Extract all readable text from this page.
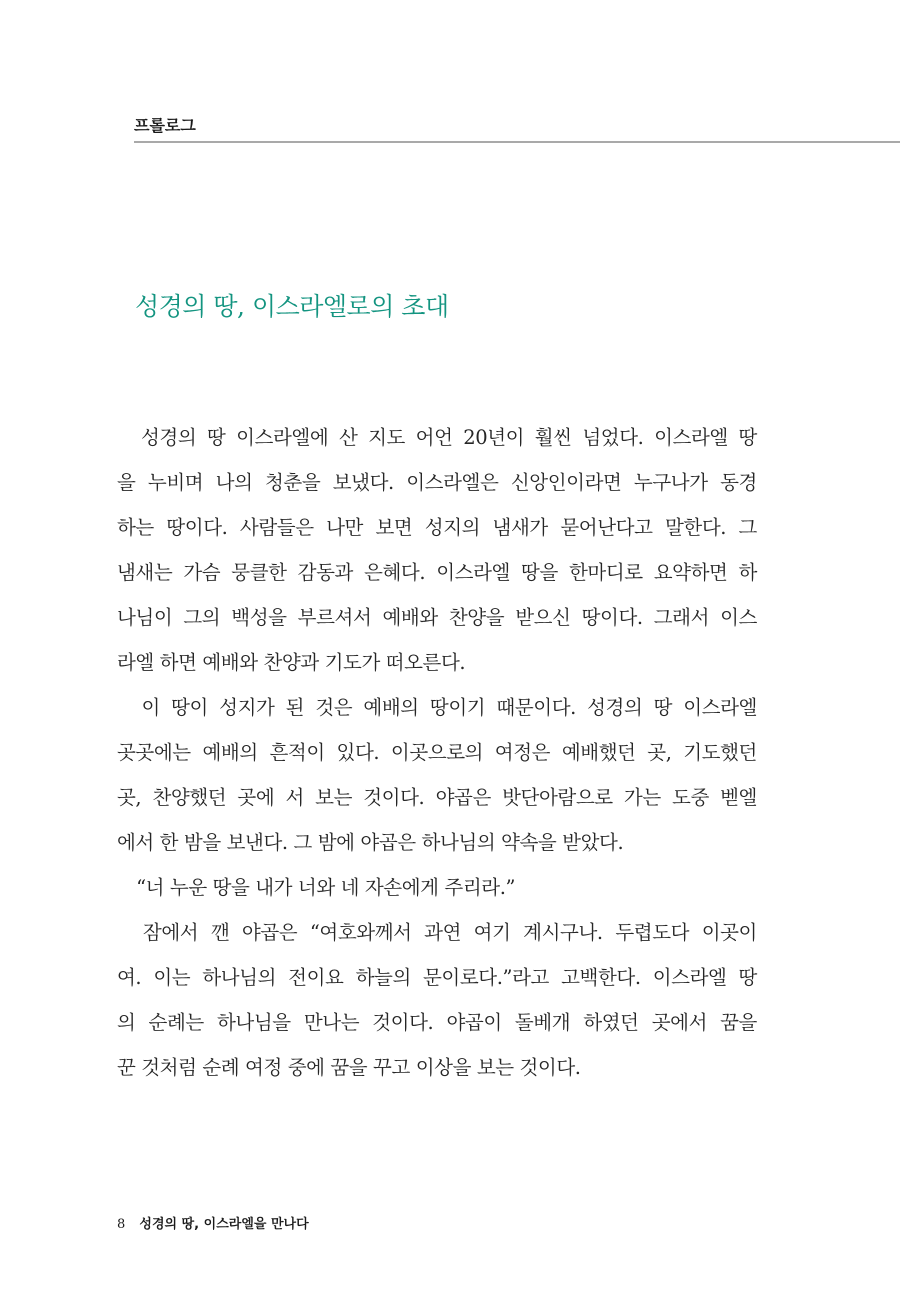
프롤로그
성경의 땅, 이스라엘로의 초대
　성경의 땅 이스라엘에 산 지도 어언 20년이 훨씬 넘었다. 이스라엘 땅
을 누비며 나의 청춘을 보냈다. 이스라엘은 신앙인이라면 누구나가 동경
하는 땅이다. 사람들은 나만 보면 성지의 냄새가 묻어난다고 말한다. 그
냄새는 가슴 뭉클한 감동과 은혜다. 이스라엘 땅을 한마디로 요약하면 하
나님이 그의 백성을 부르셔서 예배와 찬양을 받으신 땅이다. 그래서 이스
라엘 하면 예배와 찬양과 기도가 떠오른다.
　이 땅이 성지가 된 것은 예배의 땅이기 때문이다. 성경의 땅 이스라엘
곳곳에는 예배의 흔적이 있다. 이곳으로의 여정은 예배했던 곳, 기도했던
곳, 찬양했던 곳에 서 보는 것이다. 야곱은 밧단아람으로 가는 도중 벧엘
에서 한 밤을 보낸다. 그 밤에 야곱은 하나님의 약속을 받았다.
　“너 누운 땅을 내가 너와 네 자손에게 주리라.”
　잠에서 깬 야곱은 “여호와께서 과연 여기 계시구나. 두렵도다 이곳이
여. 이는 하나님의 전이요 하늘의 문이로다.”라고 고백한다. 이스라엘 땅
의 순례는 하나님을 만나는 것이다. 야곱이 돌베개 하였던 곳에서 꿈을
꾼 것처럼 순례 여정 중에 꿈을 꾸고 이상을 보는 것이다.
8 성경의 땅, 이스라엘을 만나다
